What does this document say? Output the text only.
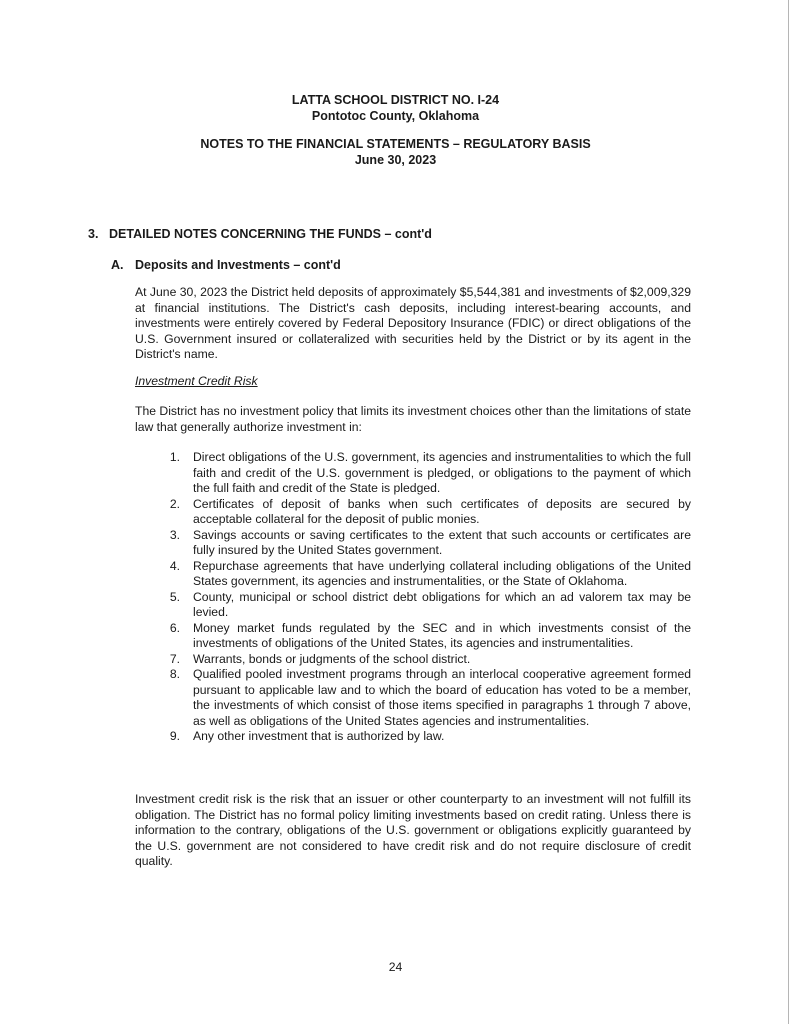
LATTA SCHOOL DISTRICT NO. I-24
Pontotoc County, Oklahoma
NOTES TO THE FINANCIAL STATEMENTS – REGULATORY BASIS
June 30, 2023
3. DETAILED NOTES CONCERNING THE FUNDS – cont'd
A. Deposits and Investments – cont'd
At June 30, 2023 the District held deposits of approximately $5,544,381 and investments of $2,009,329 at financial institutions. The District's cash deposits, including interest-bearing accounts, and investments were entirely covered by Federal Depository Insurance (FDIC) or direct obligations of the U.S. Government insured or collateralized with securities held by the District or by its agent in the District's name.
Investment Credit Risk
The District has no investment policy that limits its investment choices other than the limitations of state law that generally authorize investment in:
1. Direct obligations of the U.S. government, its agencies and instrumentalities to which the full faith and credit of the U.S. government is pledged, or obligations to the payment of which the full faith and credit of the State is pledged.
2. Certificates of deposit of banks when such certificates of deposits are secured by acceptable collateral for the deposit of public monies.
3. Savings accounts or saving certificates to the extent that such accounts or certificates are fully insured by the United States government.
4. Repurchase agreements that have underlying collateral including obligations of the United States government, its agencies and instrumentalities, or the State of Oklahoma.
5. County, municipal or school district debt obligations for which an ad valorem tax may be levied.
6. Money market funds regulated by the SEC and in which investments consist of the investments of obligations of the United States, its agencies and instrumentalities.
7. Warrants, bonds or judgments of the school district.
8. Qualified pooled investment programs through an interlocal cooperative agreement formed pursuant to applicable law and to which the board of education has voted to be a member, the investments of which consist of those items specified in paragraphs 1 through 7 above, as well as obligations of the United States agencies and instrumentalities.
9. Any other investment that is authorized by law.
Investment credit risk is the risk that an issuer or other counterparty to an investment will not fulfill its obligation. The District has no formal policy limiting investments based on credit rating. Unless there is information to the contrary, obligations of the U.S. government or obligations explicitly guaranteed by the U.S. government are not considered to have credit risk and do not require disclosure of credit quality.
24
